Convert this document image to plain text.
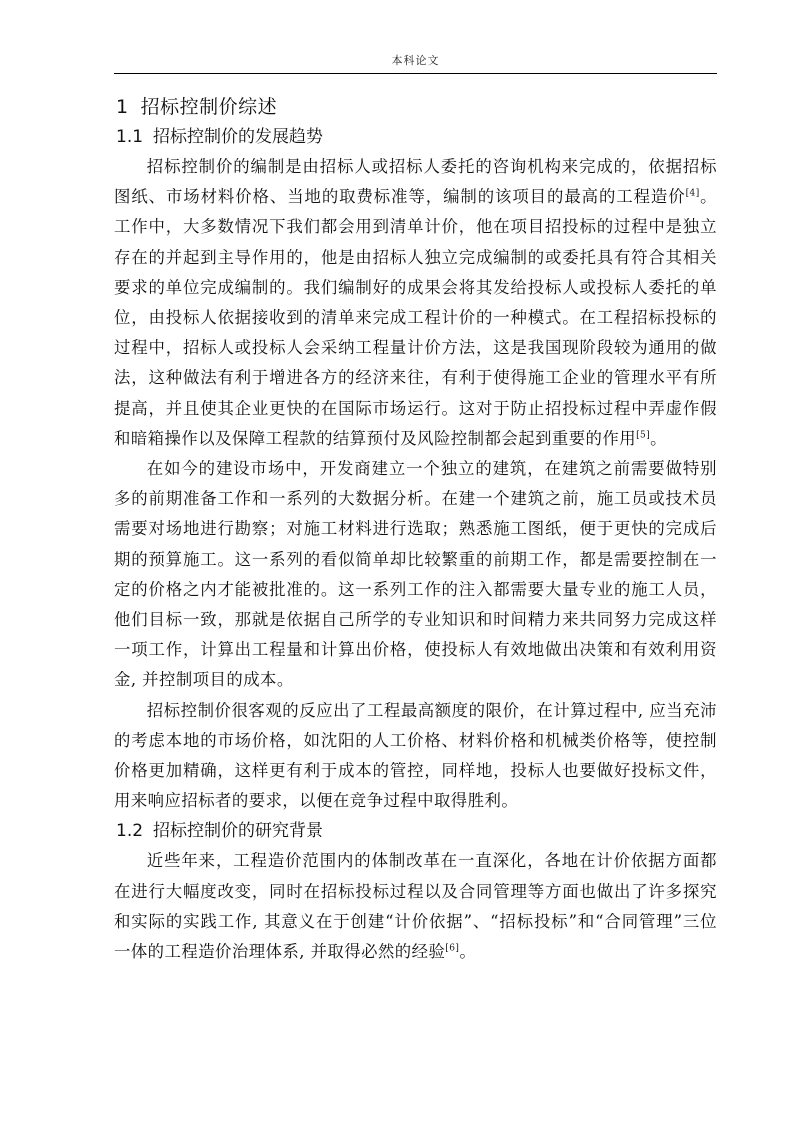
本科论文
1 招标控制价综述
1.1 招标控制价的发展趋势

招标控制价的编制是由招标人或招标人委托的咨询机构来完成的，依据招标图纸、市场材料价格、当地的取费标准等，编制的该项目的最高的工程造价[4]。工作中，大多数情况下我们都会用到清单计价，他在项目招投标的过程中是独立存在的并起到主导作用的，他是由招标人独立完成编制的或委托具有符合其相关要求的单位完成编制的。我们编制好的成果会将其发给投标人或投标人委托的单位，由投标人依据接收到的清单来完成工程计价的一种模式。在工程招标投标的过程中，招标人或投标人会采纳工程量计价方法，这是我国现阶段较为通用的做法，这种做法有利于增进各方的经济来往，有利于使得施工企业的管理水平有所提高，并且使其企业更快的在国际市场运行。这对于防止招投标过程中弄虚作假和暗箱操作以及保障工程款的结算预付及风险控制都会起到重要的作用[5]。

在如今的建设市场中，开发商建立一个独立的建筑，在建筑之前需要做特别多的前期准备工作和一系列的大数据分析。在建一个建筑之前，施工员或技术员需要对场地进行勘察；对施工材料进行选取；熟悉施工图纸，便于更快的完成后期的预算施工。这一系列的看似简单却比较繁重的前期工作，都是需要控制在一定的价格之内才能被批准的。这一系列工作的注入都需要大量专业的施工人员，他们目标一致，那就是依据自己所学的专业知识和时间精力来共同努力完成这样一项工作，计算出工程量和计算出价格，使投标人有效地做出决策和有效利用资金, 并控制项目的成本。

招标控制价很客观的反应出了工程最高额度的限价，在计算过程中, 应当充沛的考虑本地的市场价格，如沈阳的人工价格、材料价格和机械类价格等，使控制价格更加精确，这样更有利于成本的管控，同样地，投标人也要做好投标文件，用来响应招标者的要求，以便在竞争过程中取得胜利。

1.2 招标控制价的研究背景

近些年来，工程造价范围内的体制改革在一直深化，各地在计价依据方面都在进行大幅度改变，同时在招标投标过程以及合同管理等方面也做出了许多探究和实际的实践工作, 其意义在于创建“计价依据”、“招标投标”和“合同管理”三位一体的工程造价治理体系, 并取得必然的经验[6]。
